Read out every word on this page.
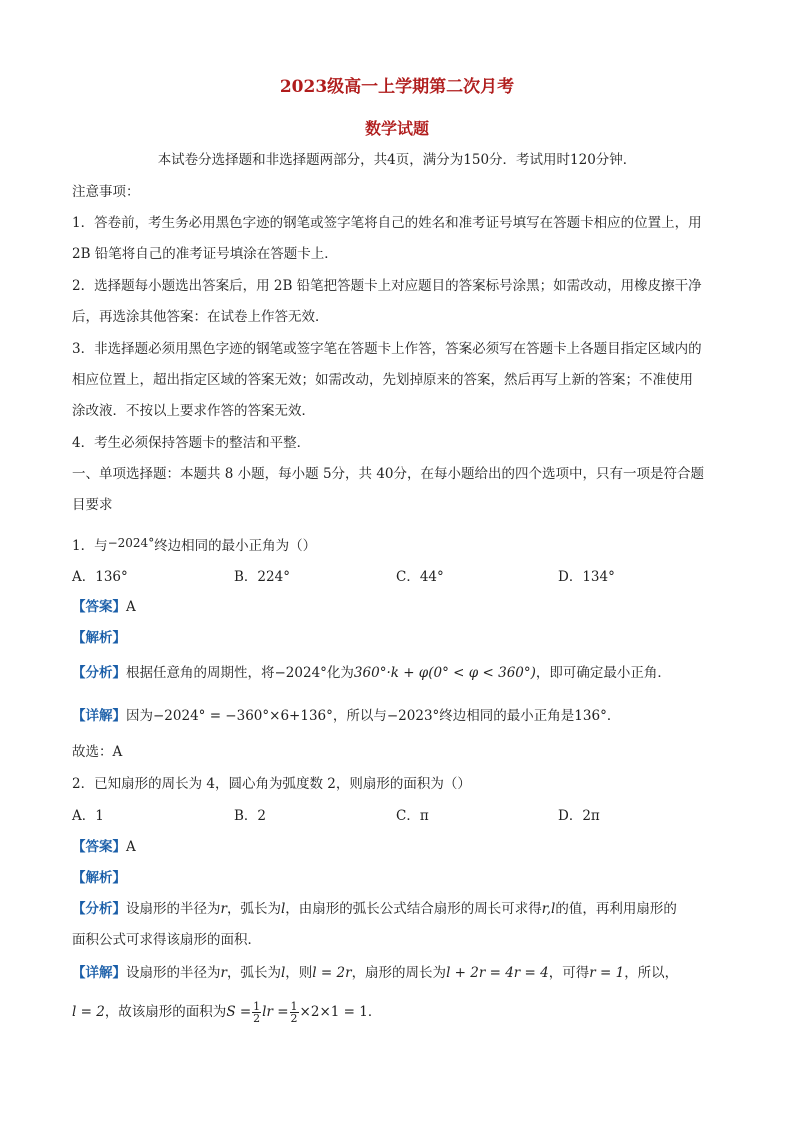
2023级高一上学期第二次月考
数学试题
本试卷分选择题和非选择题两部分，共4页，满分为150分．考试用时120分钟．
注意事项：
1．答卷前，考生务必用黑色字迹的钢笔或签字笔将自己的姓名和准考证号填写在答题卡相应的位置上，用
2B 铅笔将自己的准考证号填涂在答题卡上．
2．选择题每小题选出答案后，用 2B 铅笔把答题卡上对应题目的答案标号涂黑；如需改动，用橡皮擦干净
后，再选涂其他答案：在试卷上作答无效．
3．非选择题必须用黑色字迹的钢笔或签字笔在答题卡上作答，答案必须写在答题卡上各题目指定区域内的
相应位置上，超出指定区域的答案无效；如需改动，先划掉原来的答案，然后再写上新的答案；不准使用
涂改液．不按以上要求作答的答案无效．
4．考生必须保持答题卡的整洁和平整．
一、单项选择题：本题共 8 小题，每小题 5分，共 40分，在每小题给出的四个选项中，只有一项是符合题
目要求
1．与−2024°终边相同的最小正角为（）
A．136°	B．224°	C．44°	D．134°
【答案】A
【解析】
【分析】根据任意角的周期性，将−2024°化为360°·k + φ(0° < φ < 360°)，即可确定最小正角．
【详解】因为−2024° = −360°×6+136°，所以与−2023°终边相同的最小正角是136°．
故选：A
2．已知扇形的周长为 4，圆心角为弧度数 2，则扇形的面积为（）
A．1	B．2	C．π	D．2π
【答案】A
【解析】
【分析】设扇形的半径为r，弧长为l，由扇形的弧长公式结合扇形的周长可求得r,l的值，再利用扇形的
面积公式可求得该扇形的面积．
【详解】设扇形的半径为r，弧长为l，则l = 2r，扇形的周长为l + 2r = 4r = 4，可得r = 1，所以，
l = 2，故该扇形的面积为$S = \frac{1}{2}$ lr = $\frac{1}{2} \times 2\times 1 = 1$．
